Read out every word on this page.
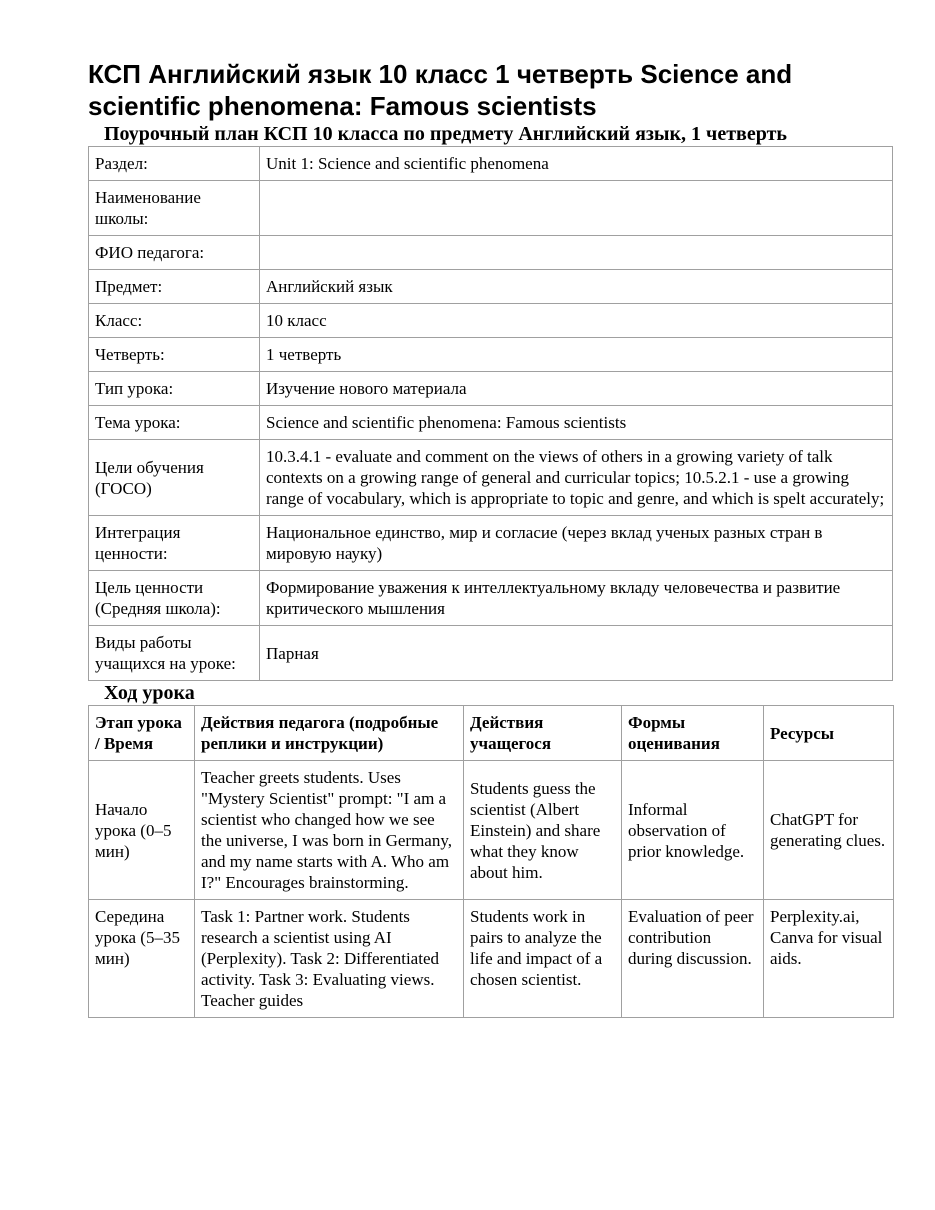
КСП Английский язык 10 класс 1 четверть Science and scientific phenomena: Famous scientists
Поурочный план КСП 10 класса по предмету Английский язык, 1 четверть
Раздел:	Unit 1: Science and scientific phenomena
Наименование школы:	
ФИО педагога:	
Предмет:	Английский язык
Класс:	10 класс
Четверть:	1 четверть
Тип урока:	Изучение нового материала
Тема урока:	Science and scientific phenomena: Famous scientists
Цели обучения (ГОСО)	10.3.4.1 - evaluate and comment on the views of others in a growing variety of talk contexts on a growing range of general and curricular topics; 10.5.2.1 - use a growing range of vocabulary, which is appropriate to topic and genre, and which is spelt accurately;
Интеграция ценности:	Национальное единство, мир и согласие (через вклад ученых разных стран в мировую науку)
Цель ценности (Средняя школа):	Формирование уважения к интеллектуальному вкладу человечества и развитие критического мышления
Виды работы учащихся на уроке:	Парная
Ход урока
Этап урока / Время	Действия педагога (подробные реплики и инструкции)	Действия учащегося	Формы оценивания	Ресурсы
Начало урока (0–5 мин)	Teacher greets students. Uses "Mystery Scientist" prompt: "I am a scientist who changed how we see the universe, I was born in Germany, and my name starts with A. Who am I?" Encourages brainstorming.	Students guess the scientist (Albert Einstein) and share what they know about him.	Informal observation of prior knowledge.	ChatGPT for generating clues.
Середина урока (5–35 мин)	Task 1: Partner work. Students research a scientist using AI (Perplexity). Task 2: Differentiated activity. Task 3: Evaluating views. Teacher guides	Students work in pairs to analyze the life and impact of a chosen scientist.	Evaluation of peer contribution during discussion.	Perplexity.ai, Canva for visual aids.
